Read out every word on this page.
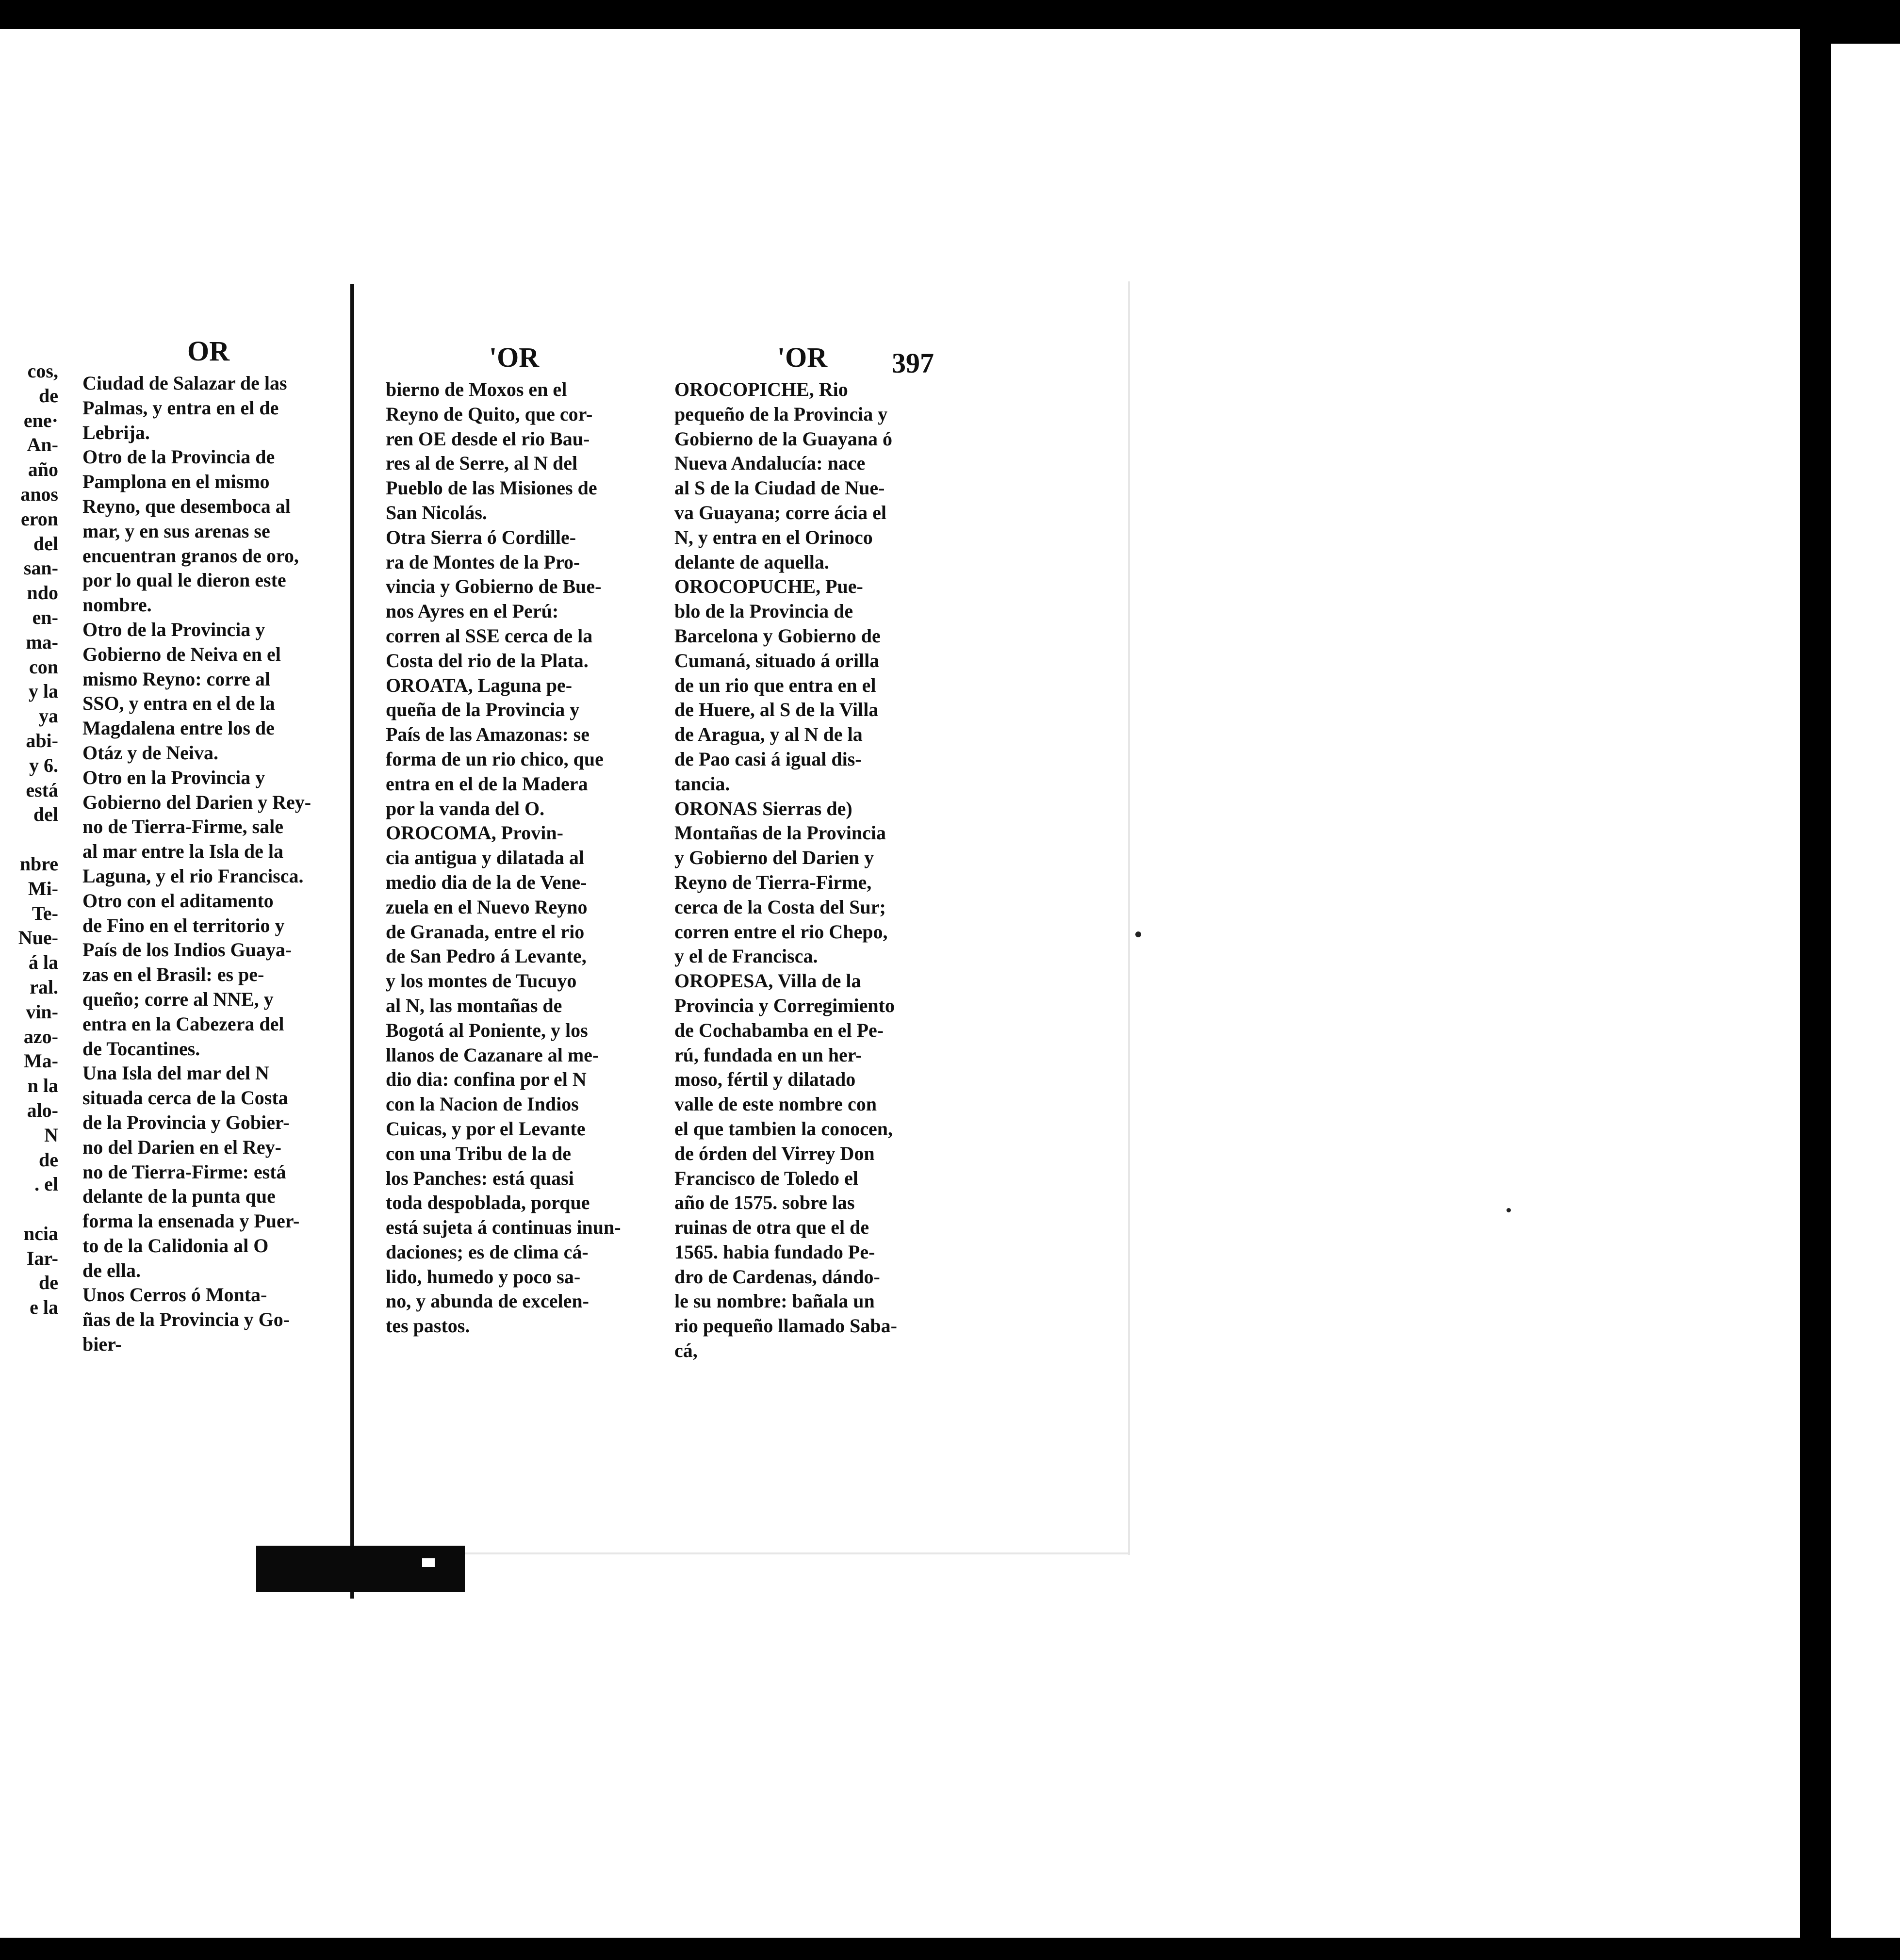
OR	'OR	'OR 397
cos,
de
ene·
An-
año
anos
eron
del
san-
ndo
en-
ma-
con
y la
ya
abi-
y 6.
está
del

nbre
Mi-
Te-
Nue-
á la
ral.
vin-
azo-
Ma-
n la
alo-
N
de
. el

ncia
Iar-
de
e la
Ciudad de Salazar de las
Palmas, y entra en el de
Lebrija.
Otro de la Provincia de
Pamplona en el mismo
Reyno, que desemboca al
mar, y en sus arenas se
encuentran granos de oro,
por lo qual le dieron este
nombre.
Otro de la Provincia y
Gobierno de Neiva en el
mismo Reyno: corre al
SSO, y entra en el de la
Magdalena entre los de
Otáz y de Neiva.
Otro en la Provincia y
Gobierno del Darien y Rey-
no de Tierra-Firme, sale
al mar entre la Isla de la
Laguna, y el rio Francisca.
Otro con el aditamento
de Fino en el territorio y
País de los Indios Guaya-
zas en el Brasil: es pe-
queño; corre al NNE, y
entra en la Cabezera del
de Tocantines.
Una Isla del mar del N
situada cerca de la Costa
de la Provincia y Gobier-
no del Darien en el Rey-
no de Tierra-Firme: está
delante de la punta que
forma la ensenada y Puer-
to de la Calidonia al O
de ella.
Unos Cerros ó Monta-
ñas de la Provincia y Go-
bier-
bierno de Moxos en el
Reyno de Quito, que cor-
ren OE desde el rio Bau-
res al de Serre, al N del
Pueblo de las Misiones de
San Nicolás.
Otra Sierra ó Cordille-
ra de Montes de la Pro-
vincia y Gobierno de Bue-
nos Ayres en el Perú:
corren al SSE cerca de la
Costa del rio de la Plata.
OROATA, Laguna pe-
queña de la Provincia y
País de las Amazonas: se
forma de un rio chico, que
entra en el de la Madera
por la vanda del O.
OROCOMA, Provin-
cia antigua y dilatada al
medio dia de la de Vene-
zuela en el Nuevo Reyno
de Granada, entre el rio
de San Pedro á Levante,
y los montes de Tucuyo
al N, las montañas de
Bogotá al Poniente, y los
llanos de Cazanare al me-
dio dia: confina por el N
con la Nacion de Indios
Cuicas, y por el Levante
con una Tribu de la de
los Panches: está quasi
toda despoblada, porque
está sujeta á continuas inun-
daciones; es de clima cá-
lido, humedo y poco sa-
no, y abunda de excelen-
tes pastos.
OROCOPICHE, Rio
pequeño de la Provincia y
Gobierno de la Guayana ó
Nueva Andalucía: nace
al S de la Ciudad de Nue-
va Guayana; corre ácia el
N, y entra en el Orinoco
delante de aquella.
OROCOPUCHE, Pue-
blo de la Provincia de
Barcelona y Gobierno de
Cumaná, situado á orilla
de un rio que entra en el
de Huere, al S de la Villa
de Aragua, y al N de la
de Pao casi á igual dis-
tancia.
ORONAS Sierras de)
Montañas de la Provincia
y Gobierno del Darien y
Reyno de Tierra-Firme,
cerca de la Costa del Sur;
corren entre el rio Chepo,
y el de Francisca.
OROPESA, Villa de la
Provincia y Corregimiento
de Cochabamba en el Pe-
rú, fundada en un her-
moso, fértil y dilatado
valle de este nombre con
el que tambien la conocen,
de órden del Virrey Don
Francisco de Toledo el
año de 1575. sobre las
ruinas de otra que el de
1565. habia fundado Pe-
dro de Cardenas, dándo-
le su nombre: bañala un
rio pequeño llamado Saba-
cá,
